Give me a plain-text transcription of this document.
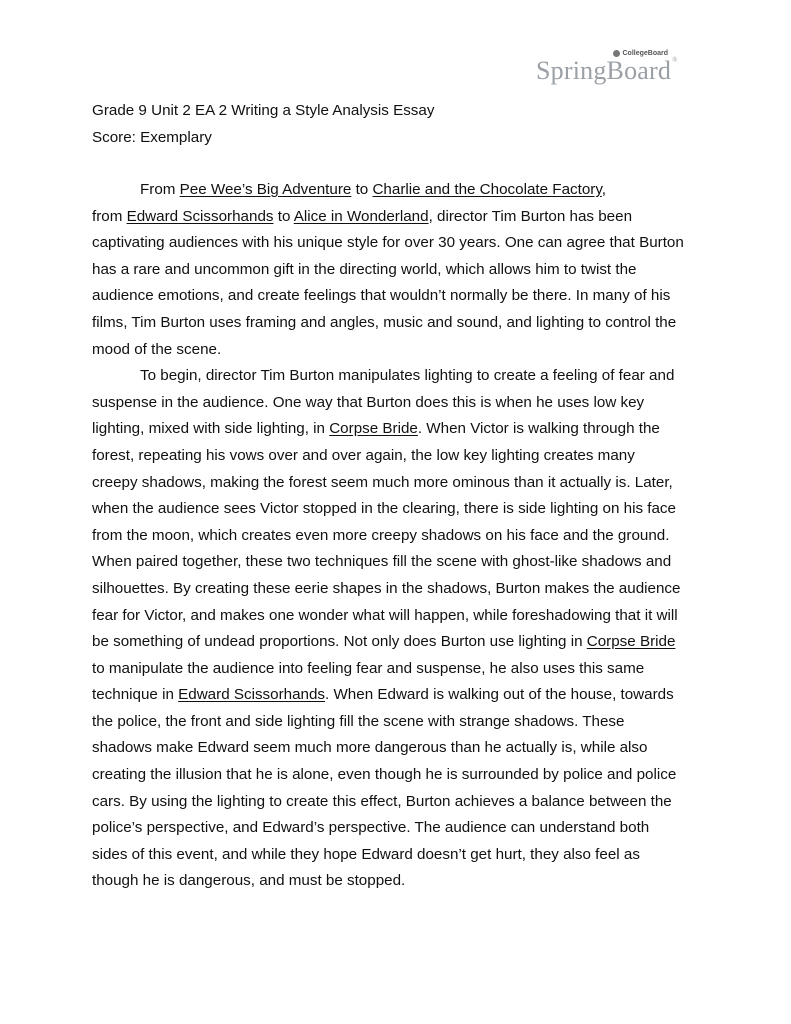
CollegeBoard
SpringBoard®
Grade 9 Unit 2 EA 2 Writing a Style Analysis Essay
Score: Exemplary

From Pee Wee’s Big Adventure to Charlie and the Chocolate Factory,
from Edward Scissorhands to Alice in Wonderland, director Tim Burton has been
captivating audiences with his unique style for over 30 years. One can agree that Burton
has a rare and uncommon gift in the directing world, which allows him to twist the
audience emotions, and create feelings that wouldn’t normally be there. In many of his
films, Tim Burton uses framing and angles, music and sound, and lighting to control the
mood of the scene.

To begin, director Tim Burton manipulates lighting to create a feeling of fear and
suspense in the audience. One way that Burton does this is when he uses low key
lighting, mixed with side lighting, in Corpse Bride. When Victor is walking through the
forest, repeating his vows over and over again, the low key lighting creates many
creepy shadows, making the forest seem much more ominous than it actually is. Later,
when the audience sees Victor stopped in the clearing, there is side lighting on his face
from the moon, which creates even more creepy shadows on his face and the ground.
When paired together, these two techniques fill the scene with ghost-like shadows and
silhouettes. By creating these eerie shapes in the shadows, Burton makes the audience
fear for Victor, and makes one wonder what will happen, while foreshadowing that it will
be something of undead proportions. Not only does Burton use lighting in Corpse Bride
to manipulate the audience into feeling fear and suspense, he also uses this same
technique in Edward Scissorhands. When Edward is walking out of the house, towards
the police, the front and side lighting fill the scene with strange shadows. These
shadows make Edward seem much more dangerous than he actually is, while also
creating the illusion that he is alone, even though he is surrounded by police and police
cars. By using the lighting to create this effect, Burton achieves a balance between the
police’s perspective, and Edward’s perspective. The audience can understand both
sides of this event, and while they hope Edward doesn’t get hurt, they also feel as
though he is dangerous, and must be stopped.
